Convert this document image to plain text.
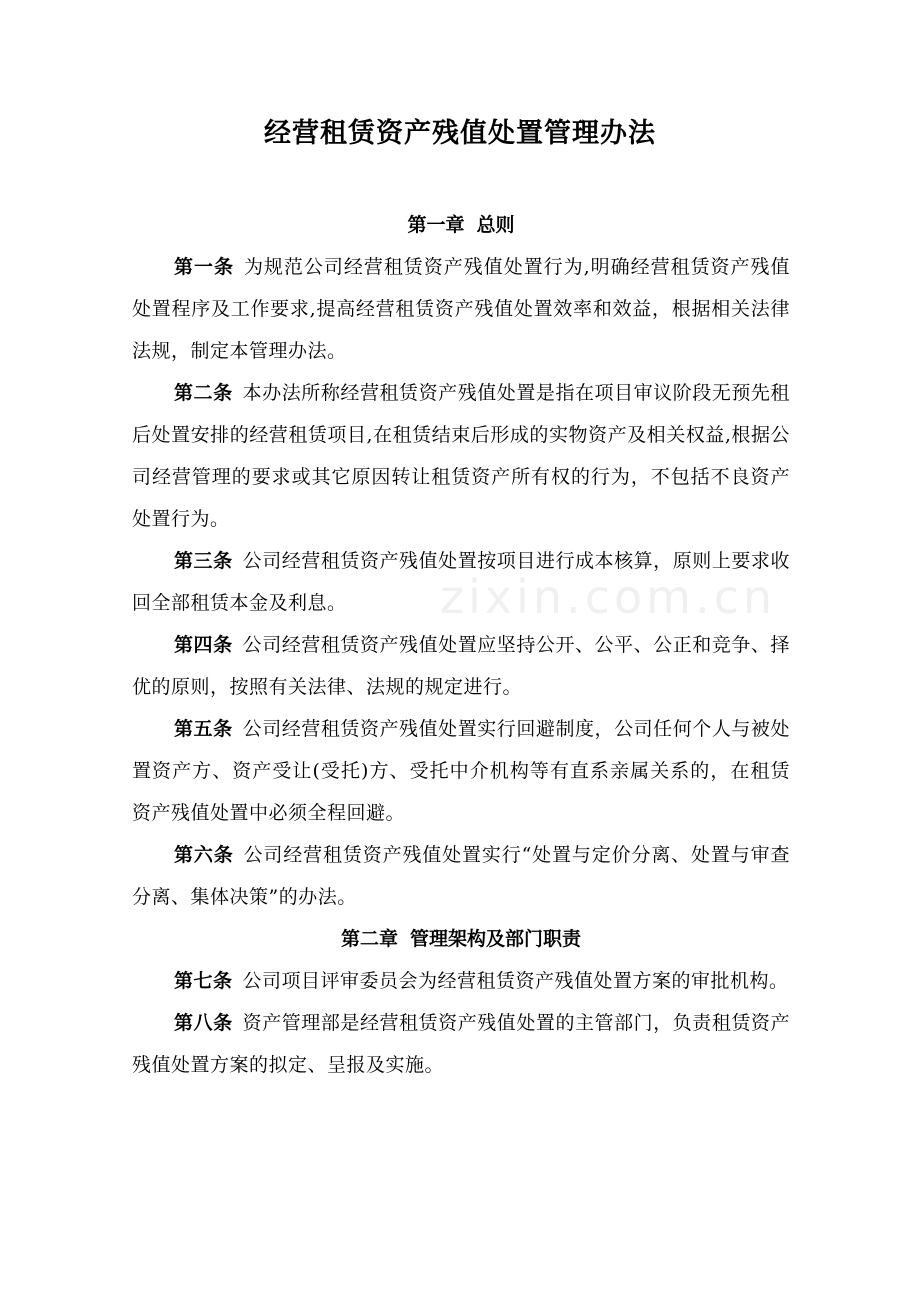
zixin.com.cn
经营租赁资产残值处置管理办法
第一章 总则

第一条 为规范公司经营租赁资产残值处置行为,明确经营租赁资产残值处置程序及工作要求,提高经营租赁资产残值处置效率和效益，根据相关法律法规，制定本管理办法。

第二条 本办法所称经营租赁资产残值处置是指在项目审议阶段无预先租后处置安排的经营租赁项目,在租赁结束后形成的实物资产及相关权益,根据公司经营管理的要求或其它原因转让租赁资产所有权的行为，不包括不良资产处置行为。

第三条 公司经营租赁资产残值处置按项目进行成本核算，原则上要求收回全部租赁本金及利息。

第四条 公司经营租赁资产残值处置应坚持公开、公平、公正和竞争、择优的原则，按照有关法律、法规的规定进行。

第五条 公司经营租赁资产残值处置实行回避制度，公司任何个人与被处置资产方、资产受让(受托)方、受托中介机构等有直系亲属关系的，在租赁资产残值处置中必须全程回避。

第六条 公司经营租赁资产残值处置实行“处置与定价分离、处置与审查分离、集体决策”的办法。

第二章 管理架构及部门职责

第七条 公司项目评审委员会为经营租赁资产残值处置方案的审批机构。

第八条 资产管理部是经营租赁资产残值处置的主管部门，负责租赁资产残值处置方案的拟定、呈报及实施。
